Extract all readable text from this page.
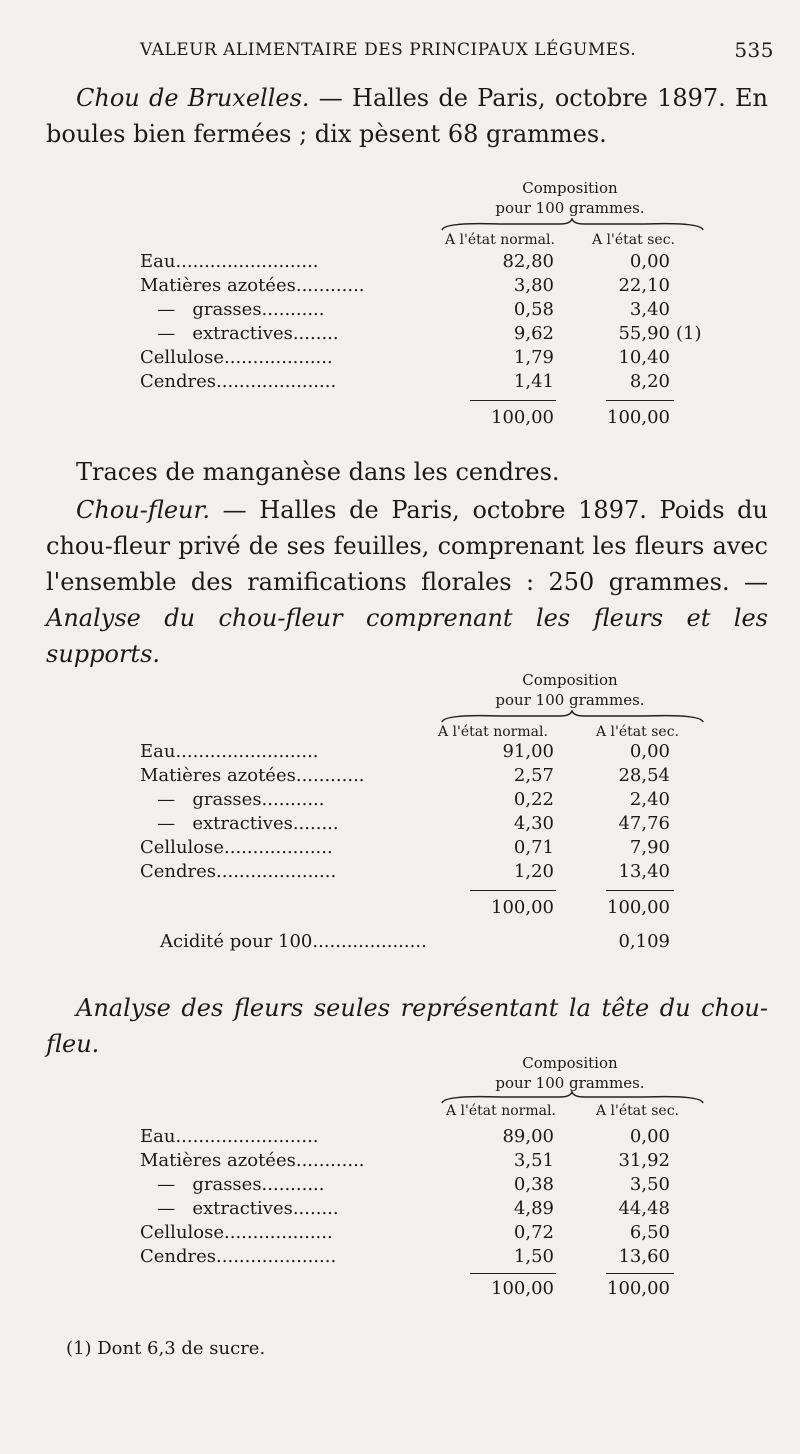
VALEUR ALIMENTAIRE DES PRINCIPAUX LÉGUMES.	535
Chou de Bruxelles. — Halles de Paris, octobre 1897. En boules bien fermées ; dix pèsent 68 grammes.
Composition
pour 100 grammes.
A l'état normal.	A l'état sec.
Eau.........................	82,80	0,00
Matières azotées............	3,80	22,10
—   grasses...........	0,58	3,40
—   extractives........	9,62	55,90 (1)
Cellulose...................	1,79	10,40
Cendres.....................	1,41	8,20
100,00	100,00
Traces de manganèse dans les cendres.
Chou-fleur. — Halles de Paris, octobre 1897. Poids du chou-fleur privé de ses feuilles, comprenant les fleurs avec l'ensemble des ramifications florales : 250 grammes. —Analyse du chou-fleur comprenant les fleurs et les supports.
Composition
pour 100 grammes.
A l'état normal.	A l'état sec.
Eau.........................	91,00	0,00
Matières azotées............	2,57	28,54
—   grasses...........	0,22	2,40
—   extractives........	4,30	47,76
Cellulose...................	0,71	7,90
Cendres.....................	1,20	13,40
100,00	100,00
Acidité pour 100....................	0,109
Analyse des fleurs seules représentant la tête du chou-fleu.
Composition
pour 100 grammes.
A l'état normal.	A l'état sec.
Eau.........................	89,00	0,00
Matières azotées............	3,51	31,92
—   grasses...........	0,38	3,50
—   extractives........	4,89	44,48
Cellulose...................	0,72	6,50
Cendres.....................	1,50	13,60
100,00	100,00
(1) Dont 6,3 de sucre.
